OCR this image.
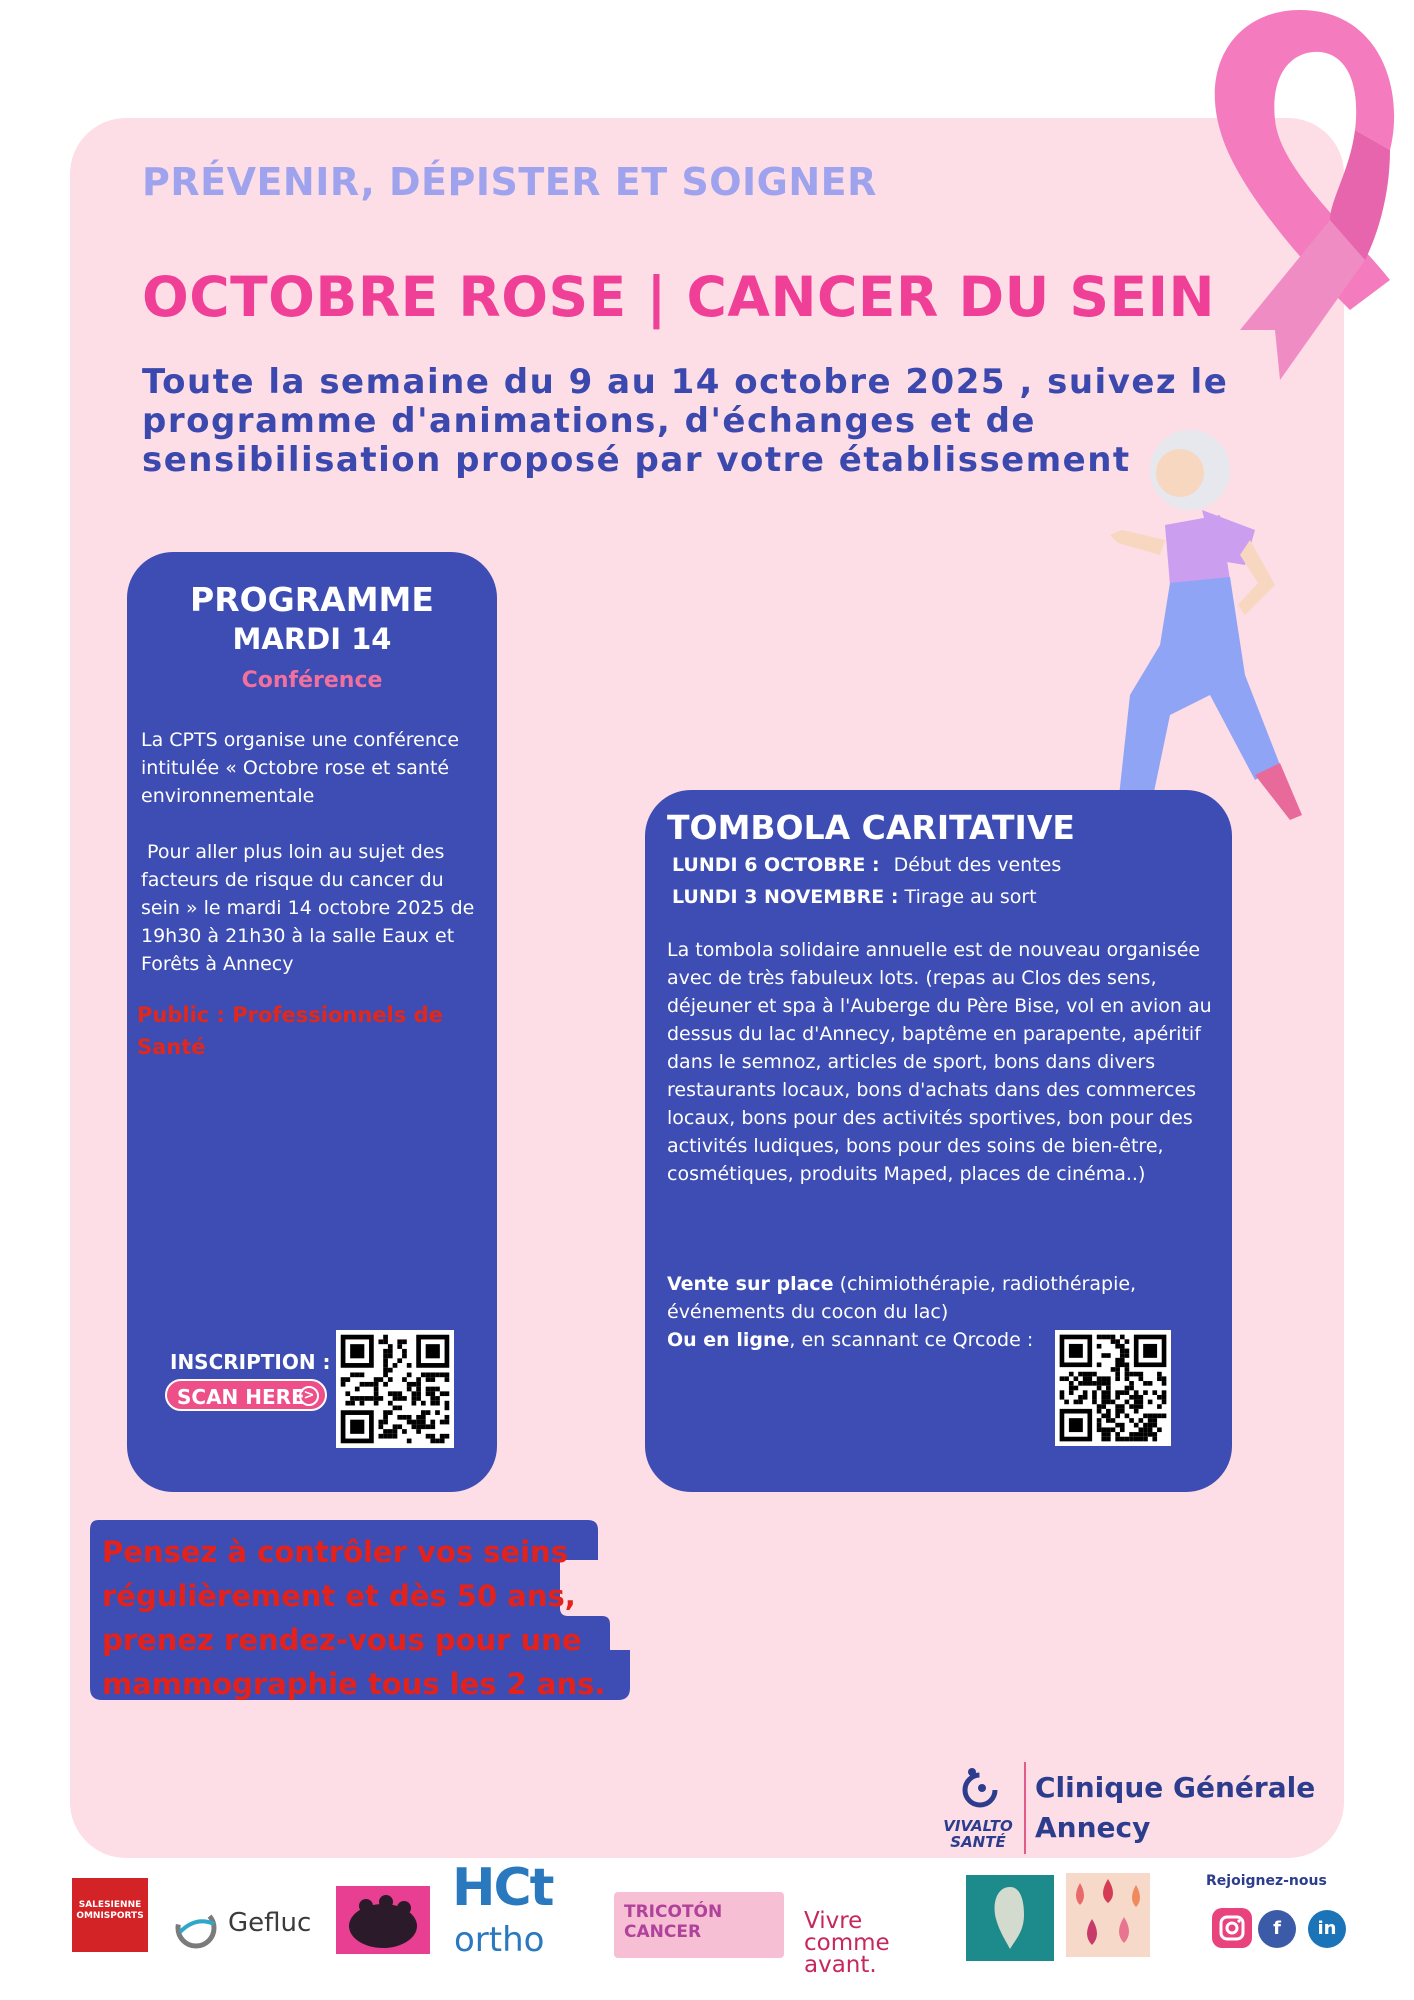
PRÉVENIR, DÉPISTER ET SOIGNER
OCTOBRE ROSE | CANCER DU SEIN
Toute la semaine du 9 au 14 octobre 2025 , suivez le programme d'animations, d'échanges et de sensibilisation proposé par votre établissement
PROGRAMME
MARDI 14
Conférence

La CPTS organise une conférence intitulée « Octobre rose et santé environnementale

Pour aller plus loin au sujet des facteurs de risque du cancer du sein » le mardi 14 octobre 2025 de 19h30 à 21h30 à la salle Eaux et Forêts à Annecy

Public : Professionnels de Santé
INSCRIPTION :
SCAN HERE
>
TOMBOLA CARITATIVE
LUNDI 6 OCTOBRE : Début des ventes
LUNDI 3 NOVEMBRE : Tirage au sort
La tombola solidaire annuelle est de nouveau organisée avec de très fabuleux lots. (repas au Clos des sens, déjeuner et spa à l'Auberge du Père Bise, vol en avion au dessus du lac d'Annecy, baptême en parapente, apéritif dans le semnoz, articles de sport, bons dans divers restaurants locaux, bons d'achats dans des commerces locaux, bons pour des activités sportives, bon pour des activités ludiques, bons pour des soins de bien-être, cosmétiques, produits Maped, places de cinéma..)
Vente sur place (chimiothérapie, radiothérapie, événements du cocon du lac)
Ou en ligne, en scannant ce Qrcode :
Pensez à contrôler vos seins régulièrement et dès 50 ans, prenez rendez-vous pour une mammographie tous les 2 ans.
VIVALTO
SANTÉ
Clinique Générale
Annecy
SALESIENNE
OMNISPORTS	Gefluc
HCt
ortho
TRICOTÓN CANCER	Vivre
comme avant.
Rejoignez-nous
f	in
